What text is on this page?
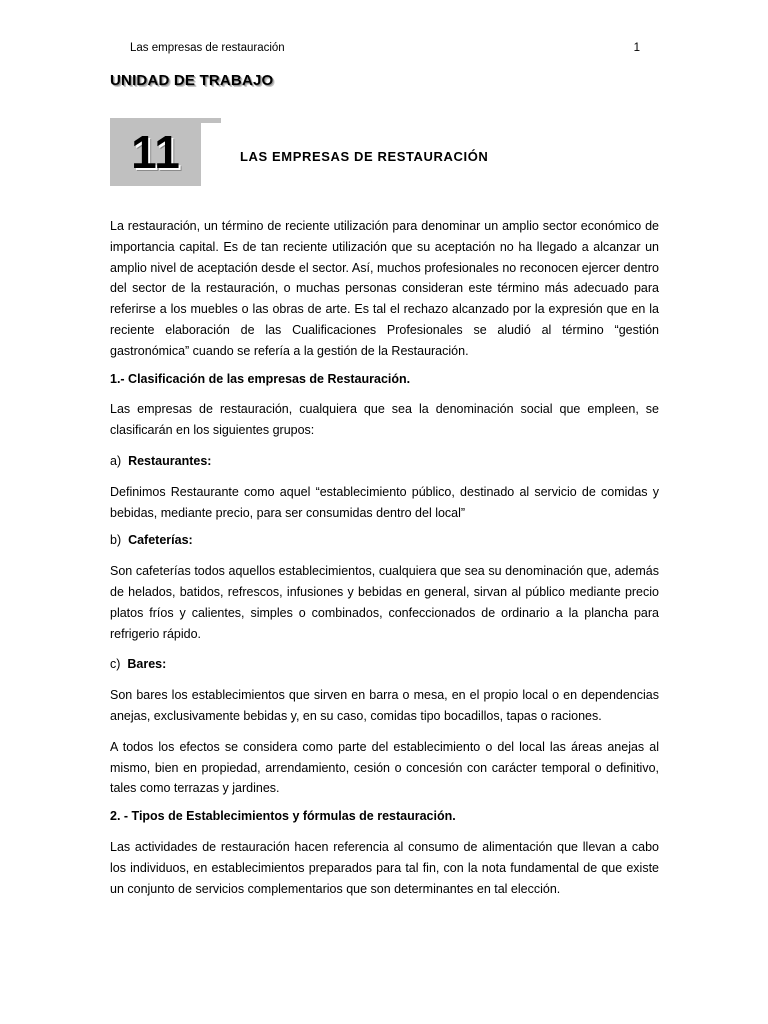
Las empresas de restauración	1
UNIDAD DE TRABAJO
11	LAS EMPRESAS DE RESTAURACIÓN

La restauración, un término de reciente utilización para denominar un amplio sector económico de importancia capital. Es de tan reciente utilización que su aceptación no ha llegado a alcanzar un amplio nivel de aceptación desde el sector. Así, muchos profesionales no reconocen ejercer dentro del sector de la restauración, o muchas personas consideran este término más adecuado para referirse a los muebles o las obras de arte. Es tal el rechazo alcanzado por la expresión que en la reciente elaboración de las Cualificaciones Profesionales se aludió al término “gestión gastronómica” cuando se refería a la gestión de la Restauración.

1.- Clasificación de las empresas de Restauración.

Las empresas de restauración, cualquiera que sea la denominación social que empleen, se clasificarán en los siguientes grupos:

a) Restaurantes:

Definimos Restaurante como aquel “establecimiento público, destinado al servicio de comidas y bebidas, mediante precio, para ser consumidas dentro del local”

b) Cafeterías:

Son cafeterías todos aquellos establecimientos, cualquiera que sea su denominación que, además de helados, batidos, refrescos, infusiones y bebidas en general, sirvan al público mediante precio platos fríos y calientes, simples o combinados, confeccionados de ordinario a la plancha para refrigerio rápido.

c) Bares:

Son bares los establecimientos que sirven en barra o mesa, en el propio local o en dependencias anejas, exclusivamente bebidas y, en su caso, comidas tipo bocadillos, tapas o raciones.

A todos los efectos se considera como parte del establecimiento o del local las áreas anejas al mismo, bien en propiedad, arrendamiento, cesión o concesión con carácter temporal o definitivo, tales como terrazas y jardines.

2. - Tipos de Establecimientos y fórmulas de restauración.

Las actividades de restauración hacen referencia al consumo de alimentación que llevan a cabo los individuos, en establecimientos preparados para tal fin, con la nota fundamental de que existe un conjunto de servicios complementarios que son determinantes en tal elección.
